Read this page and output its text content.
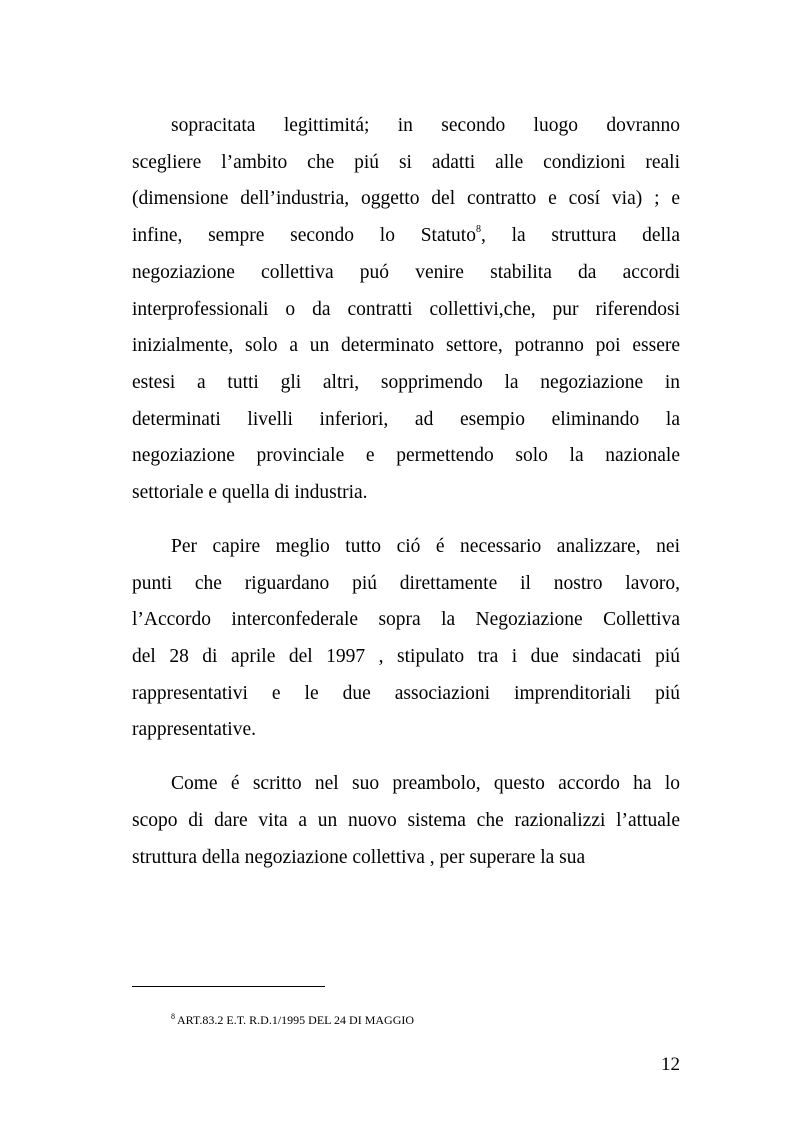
sopracitata legittimitá; in secondo luogo dovranno
scegliere l’ambito che piú si adatti alle condizioni reali
(dimensione dell’industria, oggetto del contratto e cosí via) ; e
infine, sempre secondo lo Statuto$^8$, la struttura della
negoziazione collettiva puó venire stabilita da accordi
interprofessionali o da contratti collettivi,che, pur riferendosi
inizialmente, solo a un determinato settore, potranno poi essere
estesi a tutti gli altri, sopprimendo la negoziazione in
determinati livelli inferiori, ad esempio eliminando la
negoziazione provinciale e permettendo solo la nazionale
settoriale e quella di industria.
Per capire meglio tutto ció é necessario analizzare, nei
punti che riguardano piú direttamente il nostro lavoro,
l’Accordo interconfederale sopra la Negoziazione Collettiva
del 28 di aprile del 1997 , stipulato tra i due sindacati piú
rappresentativi e le due associazioni imprenditoriali piú
rappresentative.
Come é scritto nel suo preambolo, questo accordo ha lo
scopo di dare vita a un nuovo sistema che razionalizzi l’attuale
struttura della negoziazione collettiva , per superare la sua
$^8$ ART.83.2 E.T. R.D.1/1995 DEL 24 DI MAGGIO
12
